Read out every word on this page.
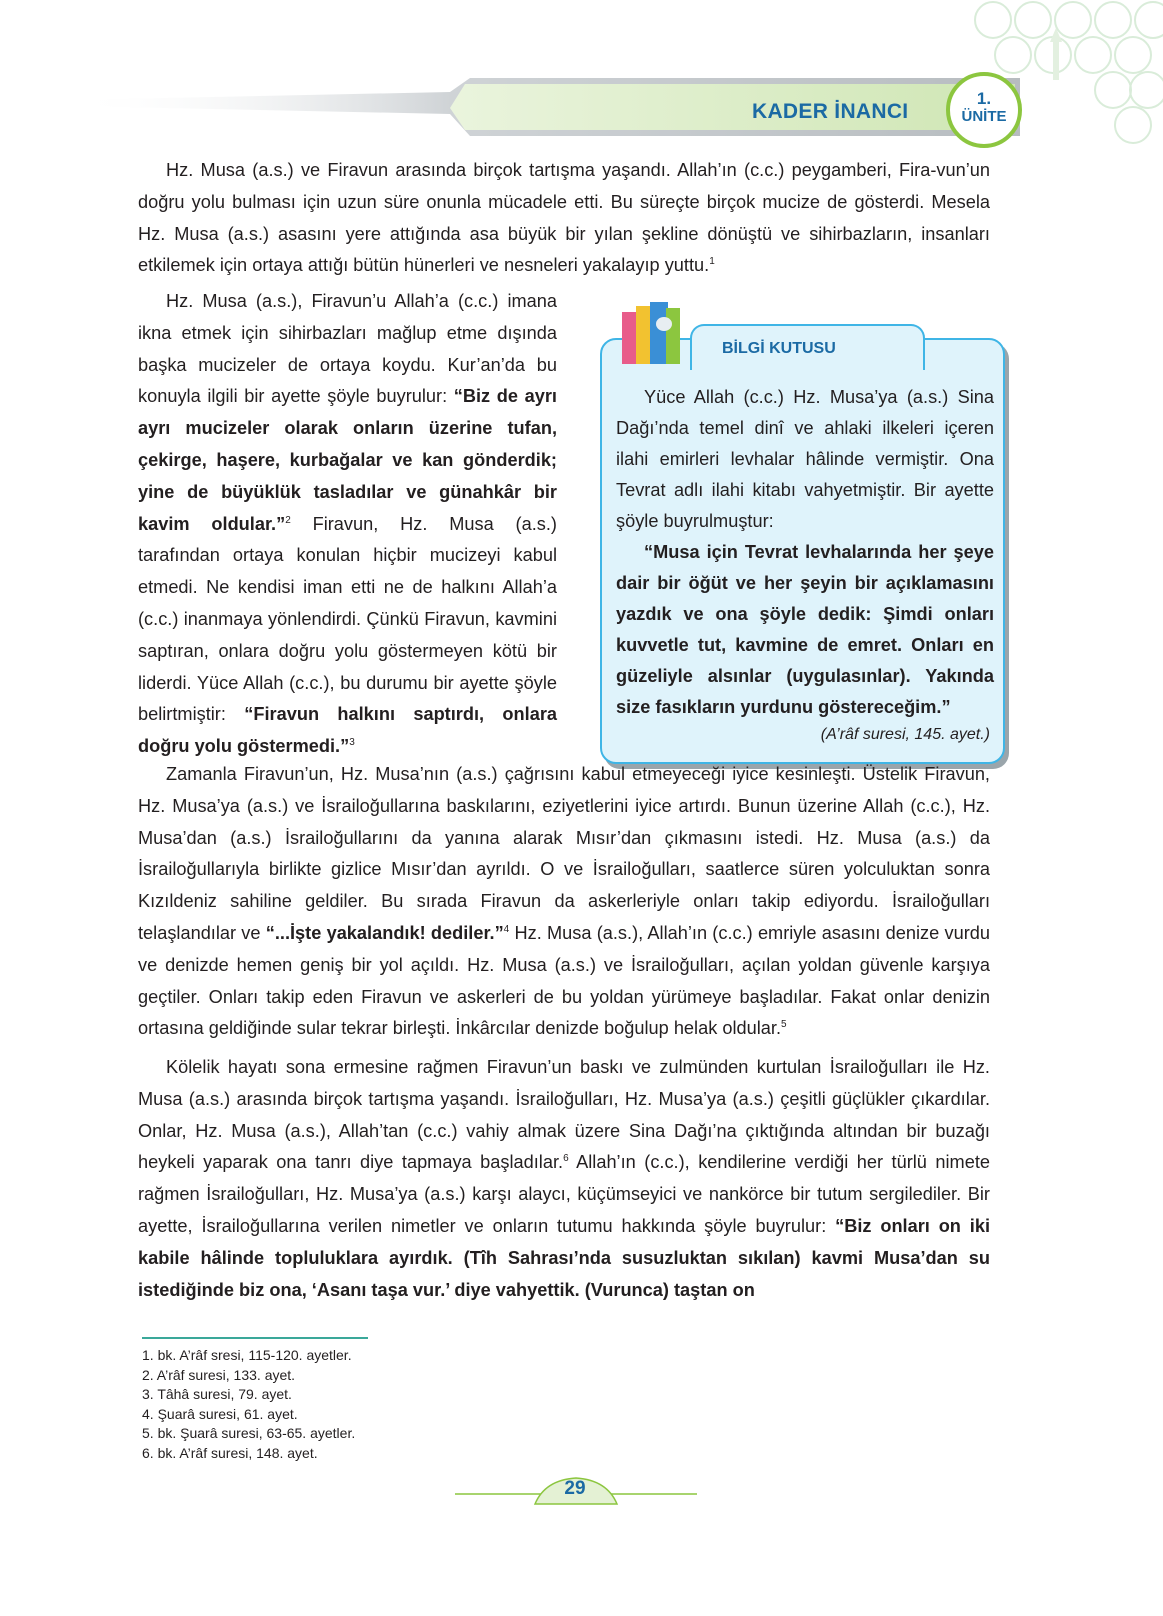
KADER İNANCI
1.
ÜNİTE

Hz. Musa (a.s.) ve Firavun arasında birçok tartışma yaşandı. Allah’ın (c.c.) peygamberi, Fira-vun’un doğru yolu bulması için uzun süre onunla mücadele etti. Bu süreçte birçok mucize de gösterdi. Mesela Hz. Musa (a.s.) asasını yere attığında asa büyük bir yılan şekline dönüştü ve sihirbazların, insanları etkilemek için ortaya attığı bütün hünerleri ve nesneleri yakalayıp yuttu.$^1$

Hz. Musa (a.s.), Firavun’u Allah’a (c.c.) imana ikna etmek için sihirbazları mağlup etme dışında başka mucizeler de ortaya koydu. Kur’an’da bu konuyla ilgili bir ayette şöyle buyrulur: “Biz de ayrı ayrı mucizeler olarak onların üzerine tufan, çekirge, haşere, kurbağalar ve kan gönderdik; yine de büyüklük tasladılar ve günahkâr bir kavim oldular.”$^2$ Firavun, Hz. Musa (a.s.) tarafından ortaya konulan hiçbir mucizeyi kabul etmedi. Ne kendisi iman etti ne de halkını Allah’a (c.c.) inanmaya yönlendirdi. Çünkü Firavun, kavmini saptıran, onlara doğru yolu göstermeyen kötü bir liderdi. Yüce Allah (c.c.), bu durumu bir ayette şöyle belirtmiştir: “Firavun halkını saptırdı, onlara doğru yolu göstermedi.”$^3$

BİLGİ KUTUSU

Yüce Allah (c.c.) Hz. Musa’ya (a.s.) Sina Dağı’nda temel dinî ve ahlaki ilkeleri içeren ilahi emirleri levhalar hâlinde vermiştir. Ona Tevrat adlı ilahi kitabı vahyetmiştir. Bir ayette şöyle buyrulmuştur:

“Musa için Tevrat levhalarında her şeye dair bir öğüt ve her şeyin bir açıklamasını yazdık ve ona şöyle dedik: Şimdi onları kuvvetle tut, kavmine de emret. Onları en güzeliyle alsınlar (uygulasınlar). Yakında size fasıkların yurdunu göstereceğim.”

(A’râf suresi, 145. ayet.)

Zamanla Firavun’un, Hz. Musa’nın (a.s.) çağrısını kabul etmeyeceği iyice kesinleşti. Üstelik Firavun, Hz. Musa’ya (a.s.) ve İsrailoğullarına baskılarını, eziyetlerini iyice artırdı. Bunun üzerine Allah (c.c.), Hz. Musa’dan (a.s.) İsrailoğullarını da yanına alarak Mısır’dan çıkmasını istedi. Hz. Musa (a.s.) da İsrailoğullarıyla birlikte gizlice Mısır’dan ayrıldı. O ve İsrailoğulları, saatlerce süren yolculuktan sonra Kızıldeniz sahiline geldiler. Bu sırada Firavun da askerleriyle onları takip ediyordu. İsrailoğulları telaşlandılar ve “...İşte yakalandık! dediler.”$^4$ Hz. Musa (a.s.), Allah’ın (c.c.) emriyle asasını denize vurdu ve denizde hemen geniş bir yol açıldı. Hz. Musa (a.s.) ve İsrailoğulları, açılan yoldan güvenle karşıya geçtiler. Onları takip eden Firavun ve askerleri de bu yoldan yürümeye başladılar. Fakat onlar denizin ortasına geldiğinde sular tekrar birleşti. İnkârcılar denizde boğulup helak oldular.$^5$

Kölelik hayatı sona ermesine rağmen Firavun’un baskı ve zulmünden kurtulan İsrailoğulları ile Hz. Musa (a.s.) arasında birçok tartışma yaşandı. İsrailoğulları, Hz. Musa’ya (a.s.) çeşitli güçlükler çıkardılar. Onlar, Hz. Musa (a.s.), Allah’tan (c.c.) vahiy almak üzere Sina Dağı’na çıktığında altından bir buzağı heykeli yaparak ona tanrı diye tapmaya başladılar.$^6$ Allah’ın (c.c.), kendilerine verdiği her türlü nimete rağmen İsrailoğulları, Hz. Musa’ya (a.s.) karşı alaycı, küçümseyici ve nankörce bir tutum sergilediler. Bir ayette, İsrailoğullarına verilen nimetler ve onların tutumu hakkında şöyle buyrulur: “Biz onları on iki kabile hâlinde topluluklara ayırdık. (Tîh Sahrası’nda susuzluktan sıkılan) kavmi Musa’dan su istediğinde biz ona, ‘Asanı taşa vur.’ diye vahyettik. (Vurunca) taştan on

1. bk. A’râf sresi, 115-120. ayetler.
2. A’râf suresi, 133. ayet.
3. Tâhâ suresi, 79. ayet.
4. Şuarâ suresi, 61. ayet.
5. bk. Şuarâ suresi, 63-65. ayetler.
6. bk. A’râf suresi, 148. ayet.
29
